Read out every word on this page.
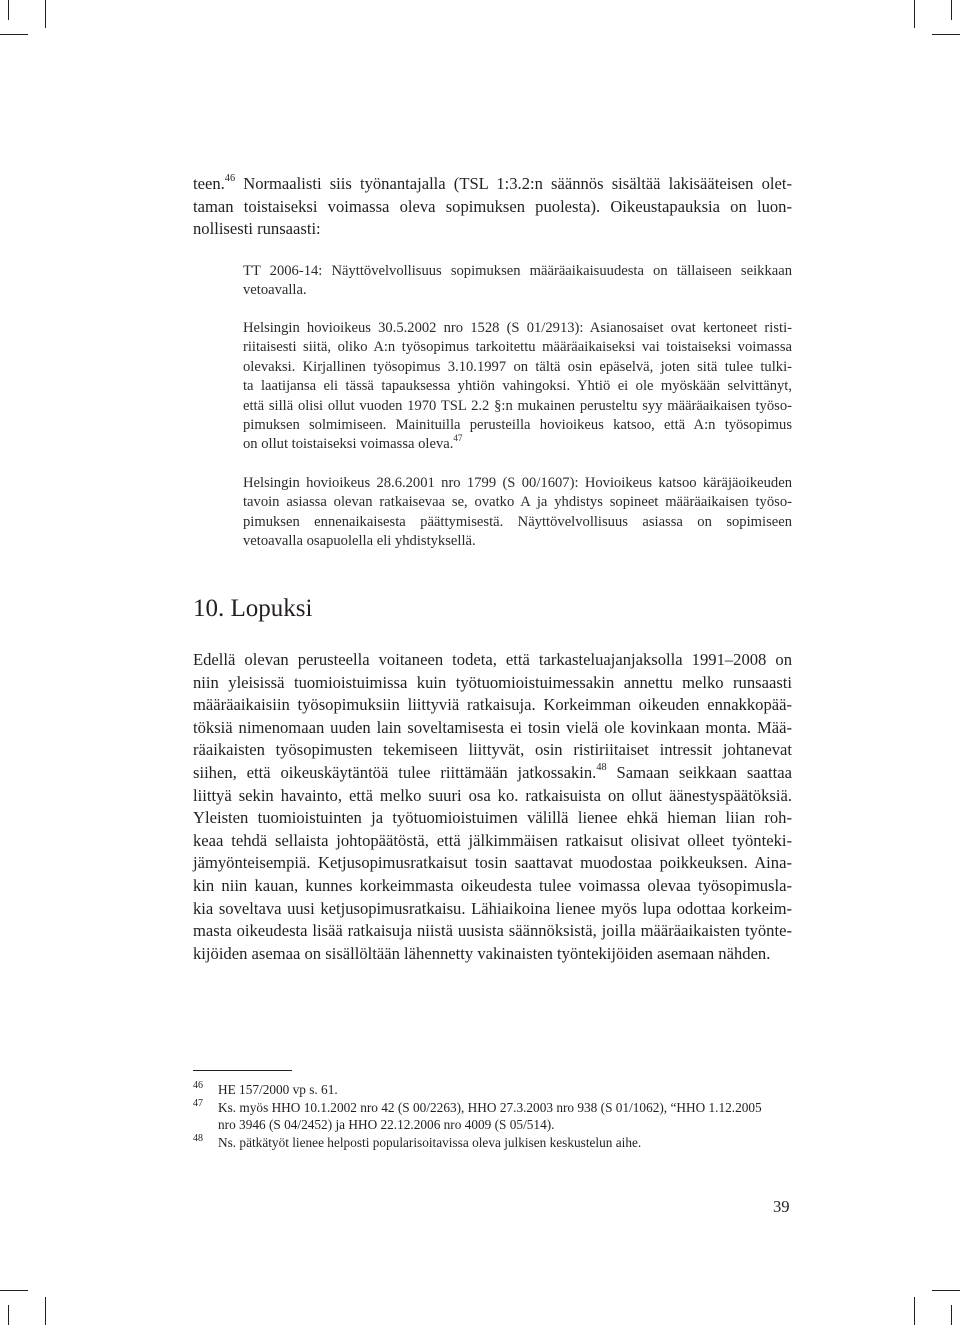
teen.$^{46}$ Normaalisti siis työnantajalla (TSL 1:3.2:n säännös sisältää lakisääteisen olet-
taman toistaiseksi voimassa oleva sopimuksen puolesta). Oikeustapauksia on luon-
nollisesti runsaasti:
TT 2006-14: Näyttövelvollisuus sopimuksen määräaikaisuudesta on tällaiseen seikkaan
vetoavalla.
Helsingin hovioikeus 30.5.2002 nro 1528 (S 01/2913): Asianosaiset ovat kertoneet risti-
riitaisesti siitä, oliko A:n työsopimus tarkoitettu määräaikaiseksi vai toistaiseksi voimassa
olevaksi. Kirjallinen työsopimus 3.10.1997 on tältä osin epäselvä, joten sitä tulee tulki-
ta laatijansa eli tässä tapauksessa yhtiön vahingoksi. Yhtiö ei ole myöskään selvittänyt,
että sillä olisi ollut vuoden 1970 TSL 2.2 §:n mukainen perusteltu syy määräaikaisen työso-
pimuksen solmimiseen. Mainituilla perusteilla hovioikeus katsoo, että A:n työsopimus
on ollut toistaiseksi voimassa oleva.$^{47}$
Helsingin hovioikeus 28.6.2001 nro 1799 (S 00/1607): Hovioikeus katsoo käräjäoikeuden
tavoin asiassa olevan ratkaisevaa se, ovatko A ja yhdistys sopineet määräaikaisen työso-
pimuksen ennenaikaisesta päättymisestä. Näyttövelvollisuus asiassa on sopimiseen
vetoavalla osapuolella eli yhdistyksellä.
10. Lopuksi
Edellä olevan perusteella voitaneen todeta, että tarkasteluajanjaksolla 1991–2008 on
niin yleisissä tuomioistuimissa kuin työtuomioistuimessakin annettu melko runsaasti
määräaikaisiin työsopimuksiin liittyviä ratkaisuja. Korkeimman oikeuden ennakkopää-
töksiä nimenomaan uuden lain soveltamisesta ei tosin vielä ole kovinkaan monta. Mää-
räaikaisten työsopimusten tekemiseen liittyvät, osin ristiriitaiset intressit johtanevat
siihen, että oikeuskäytäntöä tulee riittämään jatkossakin.$^{48}$ Samaan seikkaan saattaa
liittyä sekin havainto, että melko suuri osa ko. ratkaisuista on ollut äänestyspäätöksiä.
Yleisten tuomioistuinten ja työtuomioistuimen välillä lienee ehkä hieman liian roh-
keaa tehdä sellaista johtopäätöstä, että jälkimmäisen ratkaisut olisivat olleet työnteki-
jämyönteisempiä. Ketjusopimusratkaisut tosin saattavat muodostaa poikkeuksen. Aina-
kin niin kauan, kunnes korkeimmasta oikeudesta tulee voimassa olevaa työsopimusla-
kia soveltava uusi ketjusopimusratkaisu. Lähiaikoina lienee myös lupa odottaa korkeim-
masta oikeudesta lisää ratkaisuja niistä uusista säännöksistä, joilla määräaikaisten työnte-
kijöiden asemaa on sisällöltään lähennetty vakinaisten työntekijöiden asemaan nähden.
46 HE 157/2000 vp s. 61.
47 Ks. myös HHO 10.1.2002 nro 42 (S 00/2263), HHO 27.3.2003 nro 938 (S 01/1062), “HHO 1.12.2005
nro 3946 (S 04/2452) ja HHO 22.12.2006 nro 4009 (S 05/514).
48 Ns. pätkätyöt lienee helposti popularisoitavissa oleva julkisen keskustelun aihe.
39
